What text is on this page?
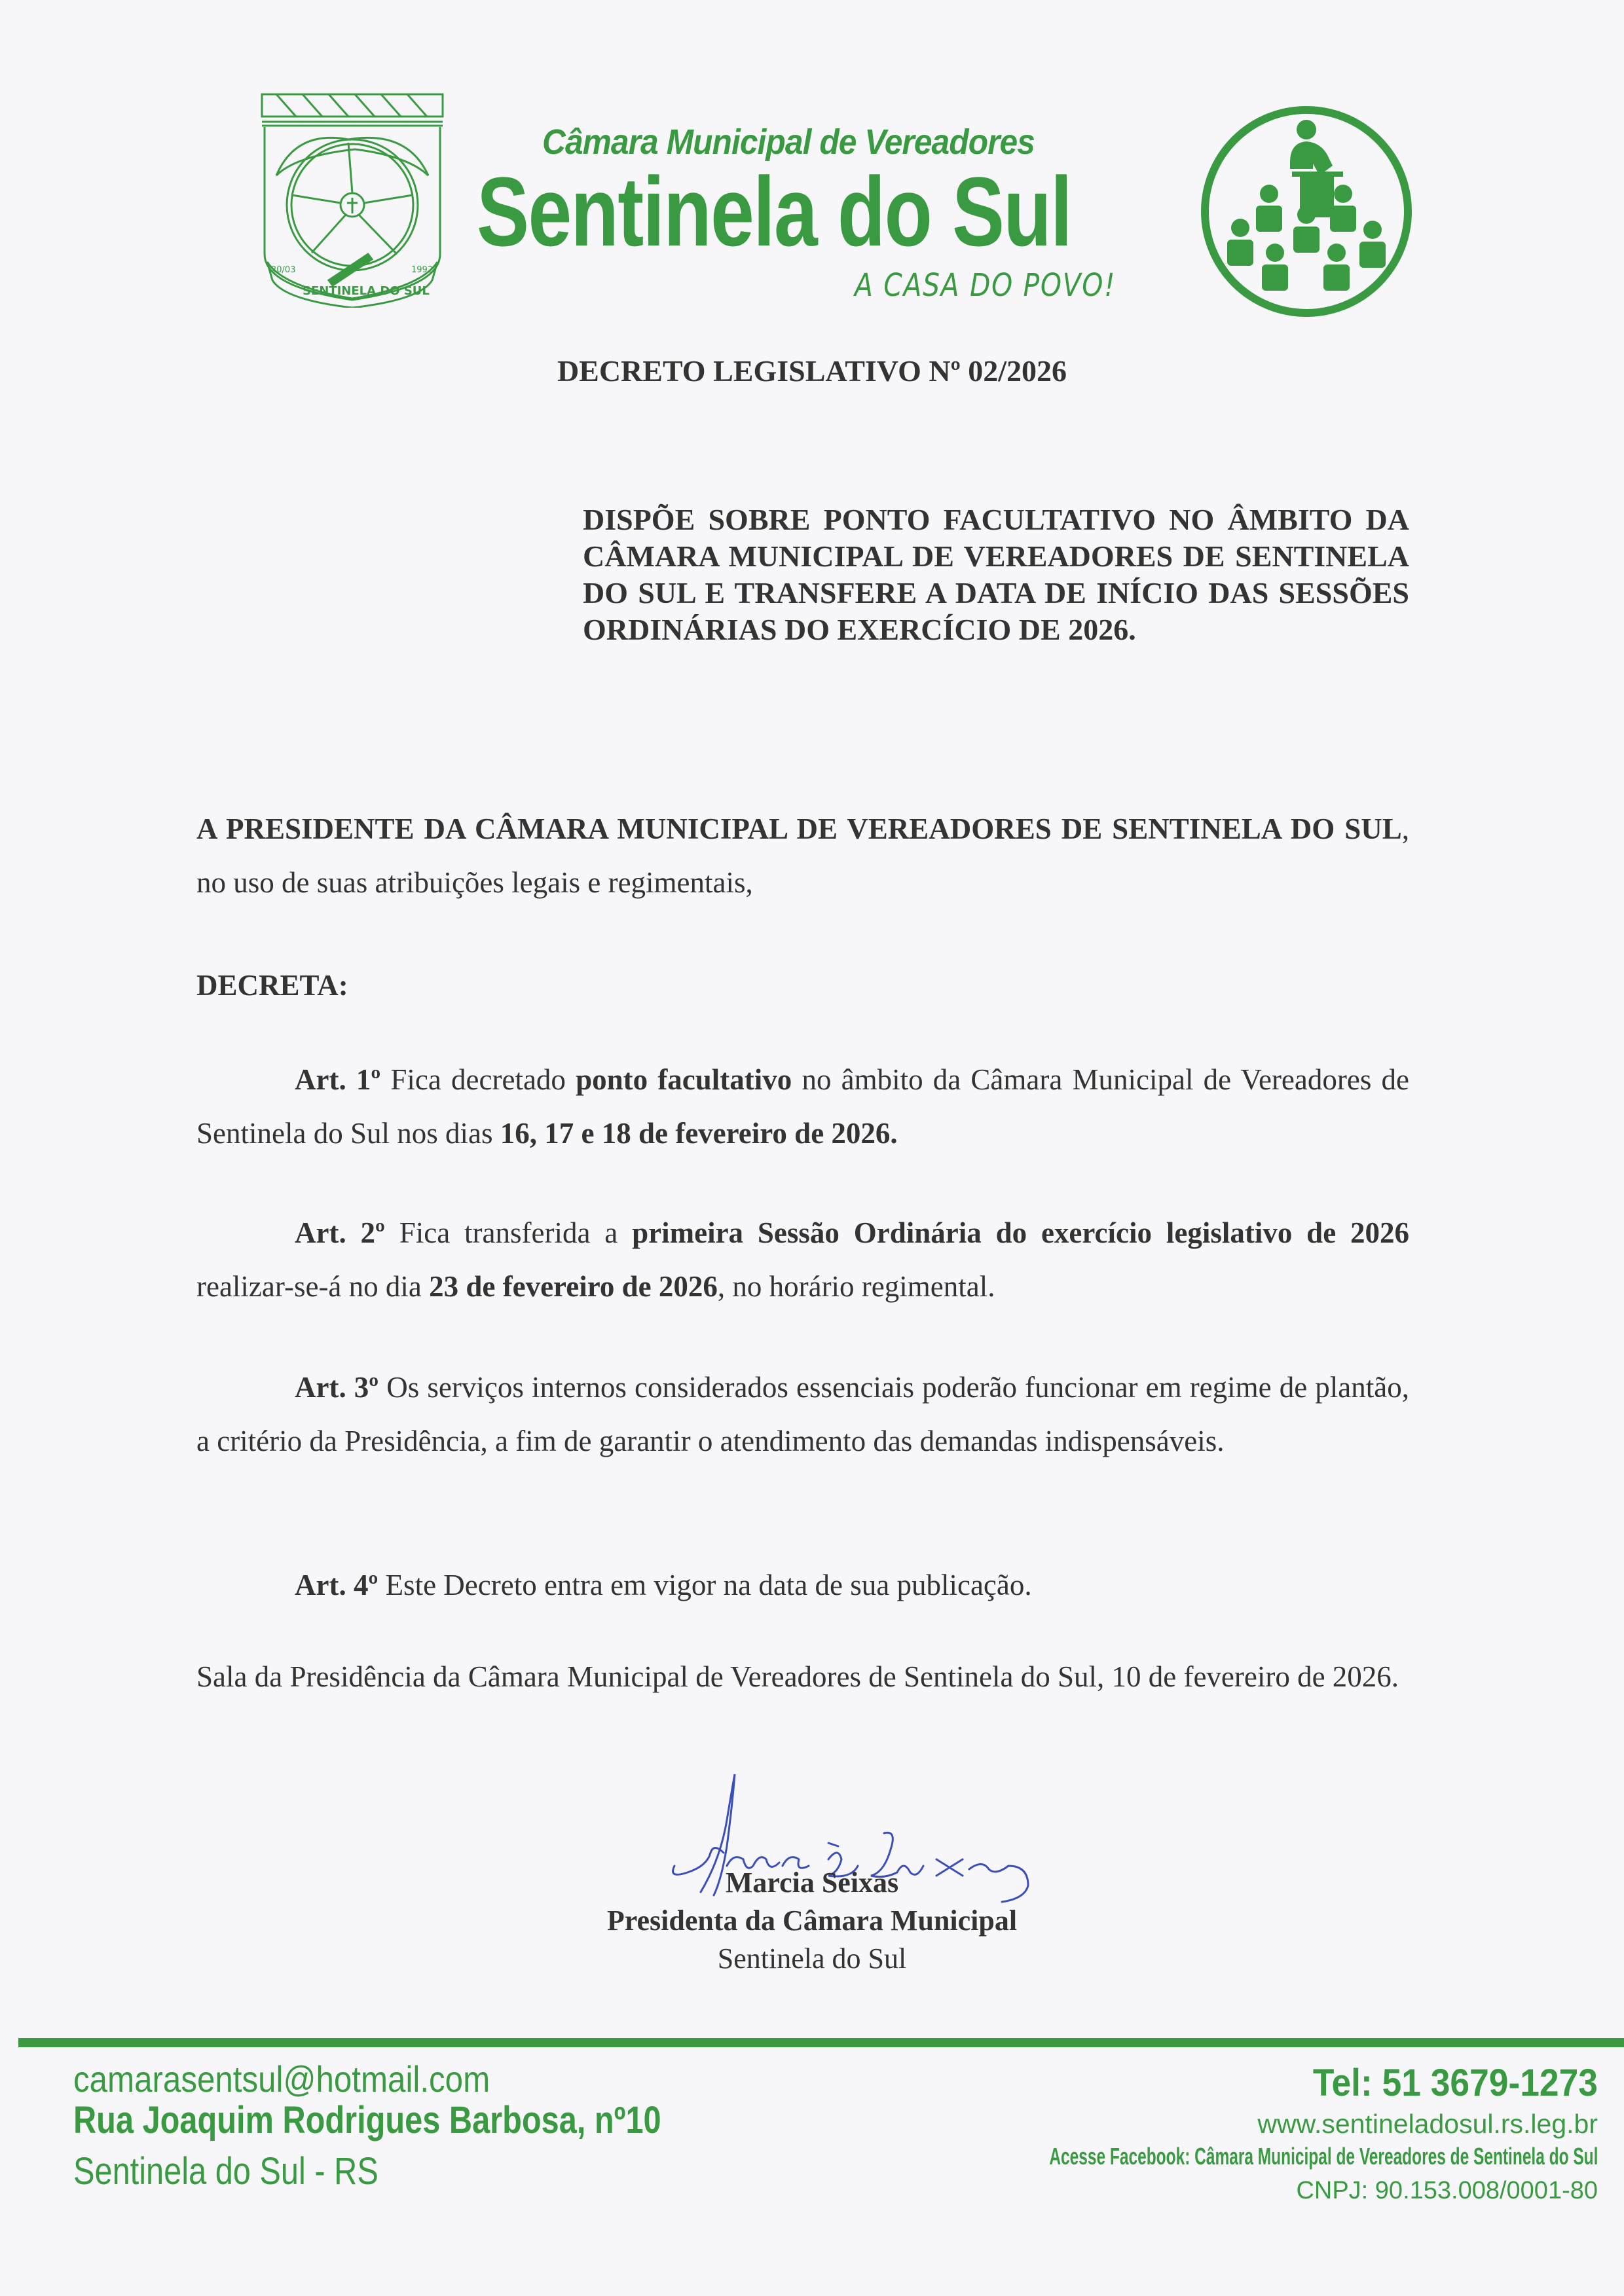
SENTINELA DO SUL
20/03	1992
Câmara Municipal de Vereadores
Sentinela do Sul
A CASA DO POVO!
DECRETO LEGISLATIVO Nº 02/2026
DISPÕE SOBRE PONTO FACULTATIVO NO ÂMBITO DA CÂMARA MUNICIPAL DE VEREADORES DE SENTINELA DO SUL E TRANSFERE A DATA DE INÍCIO DAS SESSÕES ORDINÁRIAS DO EXERCÍCIO DE 2026.
A PRESIDENTE DA CÂMARA MUNICIPAL DE VEREADORES DE SENTINELA DO SUL, no uso de suas atribuições legais e regimentais,
DECRETA:
Art. 1º Fica decretado ponto facultativo no âmbito da Câmara Municipal de Vereadores de Sentinela do Sul nos dias 16, 17 e 18 de fevereiro de 2026.
Art. 2º Fica transferida a primeira Sessão Ordinária do exercício legislativo de 2026 realizar-se-á no dia 23 de fevereiro de 2026, no horário regimental.
Art. 3º Os serviços internos considerados essenciais poderão funcionar em regime de plantão, a critério da Presidência, a fim de garantir o atendimento das demandas indispensáveis.
Art. 4º Este Decreto entra em vigor na data de sua publicação.
Sala da Presidência da Câmara Municipal de Vereadores de Sentinela do Sul, 10 de fevereiro de 2026.
Marcia Seixas
Presidenta da Câmara Municipal
Sentinela do Sul
camarasentsul@hotmail.com
Rua Joaquim Rodrigues Barbosa, nº10
Sentinela do Sul - RS
Tel: 51 3679-1273
www.sentineladosul.rs.leg.br
Acesse Facebook: Câmara Municipal de Vereadores de Sentinela do Sul
CNPJ: 90.153.008/0001-80
